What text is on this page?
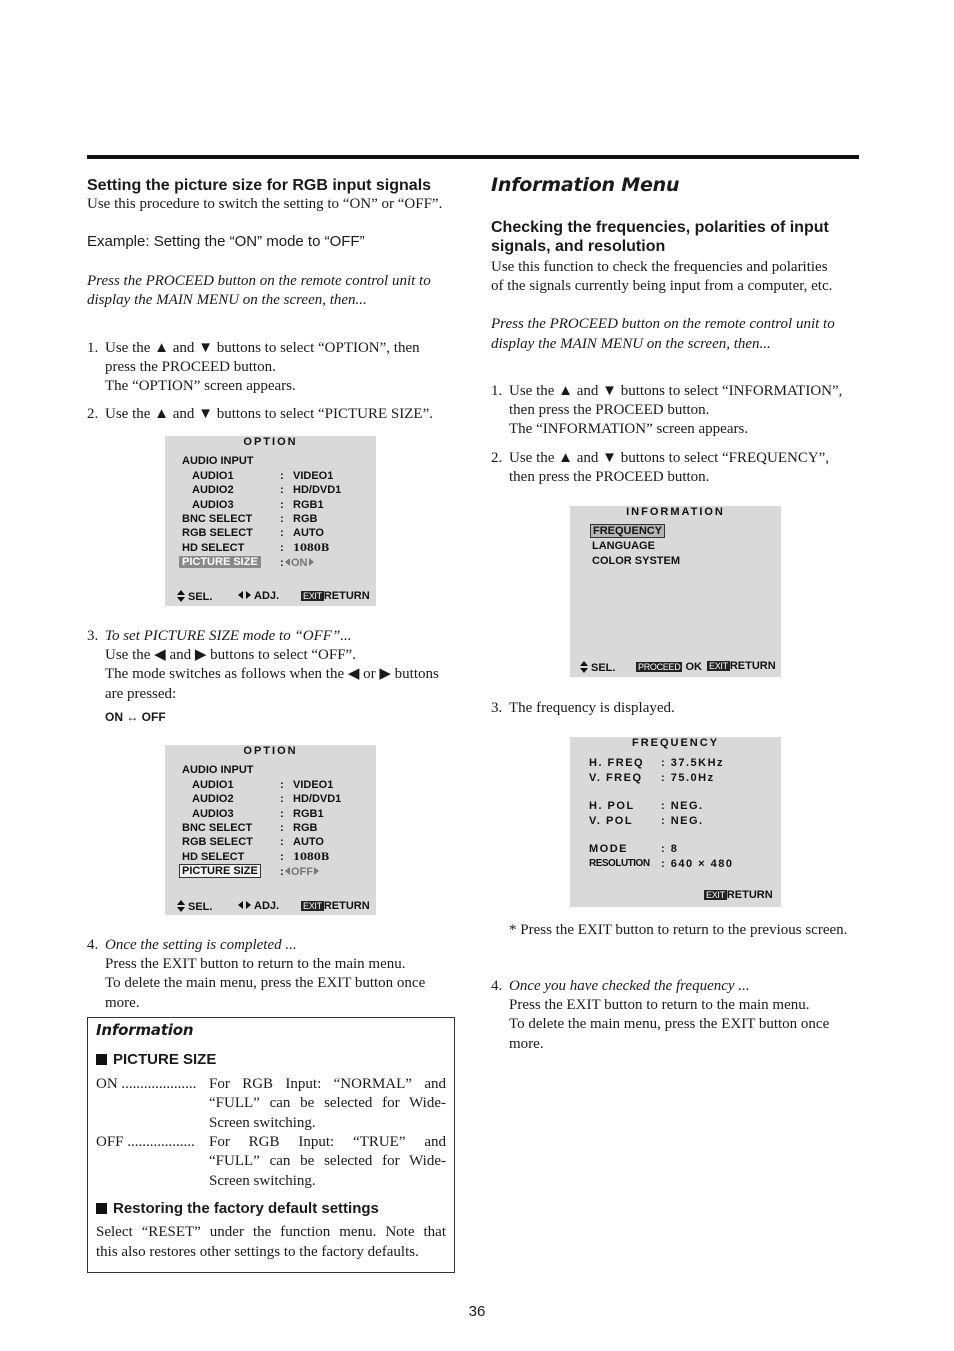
Setting the picture size for RGB input signals
Use this procedure to switch the setting to “ON” or “OFF”.
Example: Setting the “ON” mode to “OFF”
Press the PROCEED button on the remote control unit to
display the MAIN MENU on the screen, then...
1. Use the ▲ and ▼ buttons to select “OPTION”, then
press the PROCEED button.
The “OPTION” screen appears.
2. Use the ▲ and ▼ buttons to select “PICTURE SIZE”.
OPTION
AUDIO INPUT
AUDIO1	: VIDEO1
AUDIO2	: HD/DVD1
AUDIO3	: RGB1
BNC SELECT	: RGB
RGB SELECT : AUTO
HD SELECT	: 1080B
PICTURE SIZE : ON
SEL.	ADJ.	EXIT RETURN
3. To set PICTURE SIZE mode to “OFF”...
Use the ◀ and ▶ buttons to select “OFF”.
The mode switches as follows when the ◀ or ▶ buttons
are pressed:
ON ↔ OFF
OPTION
AUDIO INPUT
AUDIO1	: VIDEO1
AUDIO2	: HD/DVD1
AUDIO3	: RGB1
BNC SELECT	: RGB
RGB SELECT : AUTO
HD SELECT	: 1080B
PICTURE SIZE : OFF
SEL.	ADJ.	EXIT RETURN
4. Once the setting is completed ...
Press the EXIT button to return to the main menu.
To delete the main menu, press the EXIT button once
more.
Information
PICTURE SIZE
ON .................... For RGB Input: “NORMAL” and
“FULL” can be selected for Wide-
Screen switching.
OFF .................. For RGB Input: “TRUE” and
“FULL” can be selected for Wide-
Screen switching.
Restoring the factory default settings
Select “RESET” under the function menu. Note that
this also restores other settings to the factory defaults.
Information Menu
Checking the frequencies, polarities of input
signals, and resolution
Use this function to check the frequencies and polarities
of the signals currently being input from a computer, etc.
Press the PROCEED button on the remote control unit to
display the MAIN MENU on the screen, then...
1. Use the ▲ and ▼ buttons to select “INFORMATION”,
then press the PROCEED button.
The “INFORMATION” screen appears.
2. Use the ▲ and ▼ buttons to select “FREQUENCY”,
then press the PROCEED button.
INFORMATION
FREQUENCY
LANGUAGE
COLOR SYSTEM
SEL.	PROCEED OK EXIT RETURN
3. The frequency is displayed.
FREQUENCY
H. FREQ : 37.5KHz
V. FREQ : 75.0Hz
H. POL : NEG.
V. POL	: NEG.
MODE	: 8
RESOLUTION : 640 × 480
EXIT RETURN
* Press the EXIT button to return to the previous screen.
4. Once you have checked the frequency ...
Press the EXIT button to return to the main menu.
To delete the main menu, press the EXIT button once
more.
36
